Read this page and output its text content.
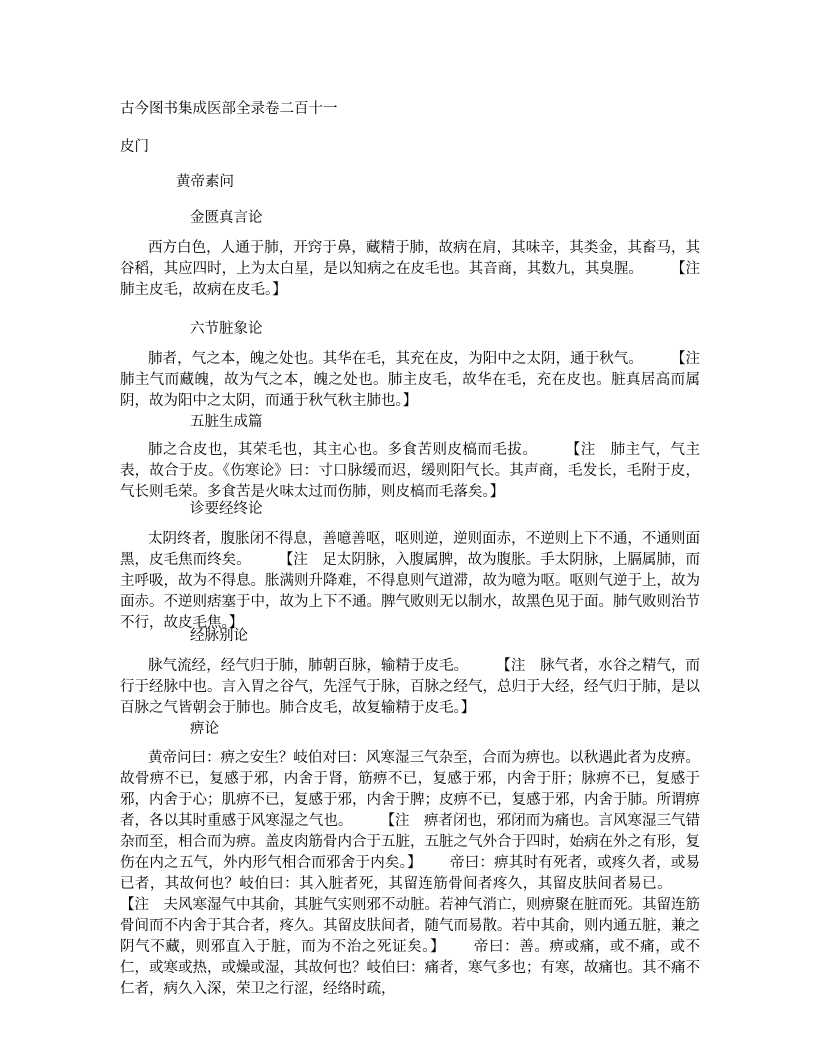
古今图书集成医部全录卷二百十一
皮门
黄帝素问
金匮真言论
西方白色，人通于肺，开窍于鼻，藏精于肺，故病在肩，其味辛，其类金，其畜马，其谷稻，其应四时，上为太白星，是以知病之在皮毛也。其音商，其数九，其臭腥。 【注　肺主皮毛，故病在皮毛。】
六节脏象论
肺者，气之本，魄之处也。其华在毛，其充在皮，为阳中之太阴，通于秋气。 【注　肺主气而藏魄，故为气之本，魄之处也。肺主皮毛，故华在毛，充在皮也。脏真居高而属阴，故为阳中之太阴，而通于秋气秋主肺也。】
五脏生成篇
肺之合皮也，其荣毛也，其主心也。多食苦则皮槁而毛拔。 【注　肺主气，气主表，故合于皮。《伤寒论》曰：寸口脉缓而迟，缓则阳气长。其声商，毛发长，毛附于皮，气长则毛荣。多食苦是火味太过而伤肺，则皮槁而毛落矣。】
诊要经终论
太阴终者，腹胀闭不得息，善噫善呕，呕则逆，逆则面赤，不逆则上下不通，不通则面黑，皮毛焦而终矣。 【注　足太阴脉，入腹属脾，故为腹胀。手太阴脉，上膈属肺，而主呼吸，故为不得息。胀满则升降难，不得息则气道滞，故为噫为呕。呕则气逆于上，故为面赤。不逆则痞塞于中，故为上下不通。脾气败则无以制水，故黑色见于面。肺气败则治节不行，故皮毛焦。】
经脉别论
脉气流经，经气归于肺，肺朝百脉，输精于皮毛。 【注　脉气者，水谷之精气，而行于经脉中也。言入胃之谷气，先淫气于脉，百脉之经气，总归于大经，经气归于肺，是以百脉之气皆朝会于肺也。肺合皮毛，故复输精于皮毛。】
痹论
黄帝问曰：痹之安生？岐伯对曰：风寒湿三气杂至，合而为痹也。以秋遇此者为皮痹。故骨痹不已，复感于邪，内舍于肾，筋痹不已，复感于邪，内舍于肝；脉痹不已，复感于邪，内舍于心；肌痹不已，复感于邪，内舍于脾；皮痹不已，复感于邪，内舍于肺。所谓痹者，各以其时重感于风寒湿之气也。 【注　痹者闭也，邪闭而为痛也。言风寒湿三气错杂而至，相合而为痹。盖皮肉筋骨内合于五脏，五脏之气外合于四时，始病在外之有形，复伤在内之五气，外内形气相合而邪舍于内矣。】 帝曰：痹其时有死者，或疼久者，或易已者，其故何也？岐伯曰：其入脏者死，其留连筋骨间者疼久，其留皮肤间者易已。【注　夫风寒湿气中其俞，其脏气实则邪不动脏。若神气消亡，则痹聚在脏而死。其留连筋骨间而不内舍于其合者，疼久。其留皮肤间者，随气而易散。若中其俞，则内通五脏，兼之阴气不藏，则邪直入于脏，而为不治之死证矣。】 帝曰：善。痹或痛，或不痛，或不仁，或寒或热，或燥或湿，其故何也？岐伯曰：痛者，寒气多也；有寒，故痛也。其不痛不仁者，病久入深，荣卫之行涩，经络时疏，
